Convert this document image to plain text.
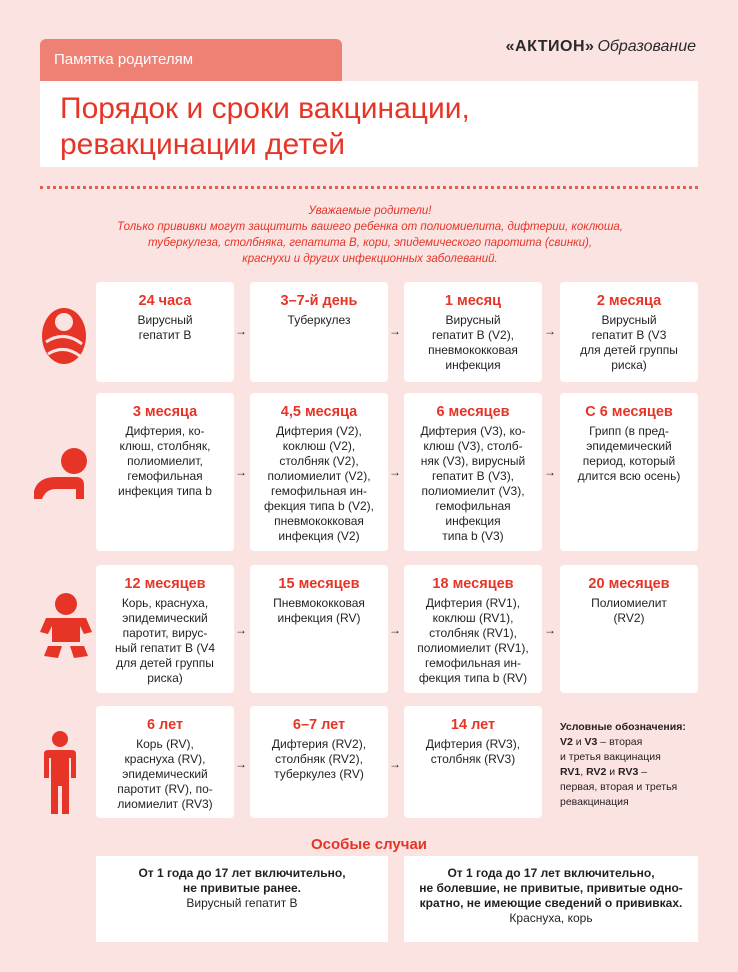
Памятка родителям
«АКТИОН» Образование
Порядок и сроки вакцинации,
ревакцинации детей
Уважаемые родители!
Только прививки могут защитить вашего ребенка от полиомиелита, дифтерии, коклюша,
туберкулеза, столбняка, гепатита В, кори, эпидемического паротита (свинки),
краснухи и других инфекционных заболеваний.
24 часа
Вирусный
гепатит В
3–7-й день
Туберкулез
1 месяц
Вирусный
гепатит В (V2),
пневмококковая
инфекция
2 месяца
Вирусный
гепатит В (V3
для детей группы
риска)
→	→	→
3 месяца
Дифтерия, ко-
клюш, столбняк,
полиомиелит,
гемофильная
инфекция типа b
4,5 месяца
Дифтерия (V2),
коклюш (V2),
столбняк (V2),
полиомиелит (V2),
гемофильная ин-
фекция типа b (V2),
пневмококковая
инфекция (V2)
6 месяцев
Дифтерия (V3), ко-
клюш (V3), столб-
няк (V3), вирусный
гепатит В (V3),
полиомиелит (V3),
гемофильная
инфекция
типа b (V3)
С 6 месяцев
Грипп (в пред-
эпидемический
период, который
длится всю осень)
→	→	→
12 месяцев
Корь, краснуха,
эпидемический
паротит, вирус-
ный гепатит В (V4
для детей группы
риска)
15 месяцев
Пневмококковая
инфекция (RV)
18 месяцев
Дифтерия (RV1),
коклюш (RV1),
столбняк (RV1),
полиомиелит (RV1),
гемофильная ин-
фекция типа b (RV)
20 месяцев
Полиомиелит
(RV2)
→	→	→
6 лет
Корь (RV),
краснуха (RV),
эпидемический
паротит (RV), по-
лиомиелит (RV3)
6–7 лет
Дифтерия (RV2),
столбняк (RV2),
туберкулез (RV)
14 лет
Дифтерия (RV3),
столбняк (RV3)
→	→
Условные обозначения:
V2 и V3 – вторая
и третья вакцинация
RV1, RV2 и RV3 –
первая, вторая и третья
ревакцинация
Особые случаи
От 1 года до 17 лет включительно,
не привитые ранее.
Вирусный гепатит В
От 1 года до 17 лет включительно,
не болевшие, не привитые, привитые одно-
кратно, не имеющие сведений о прививках.
Краснуха, корь
